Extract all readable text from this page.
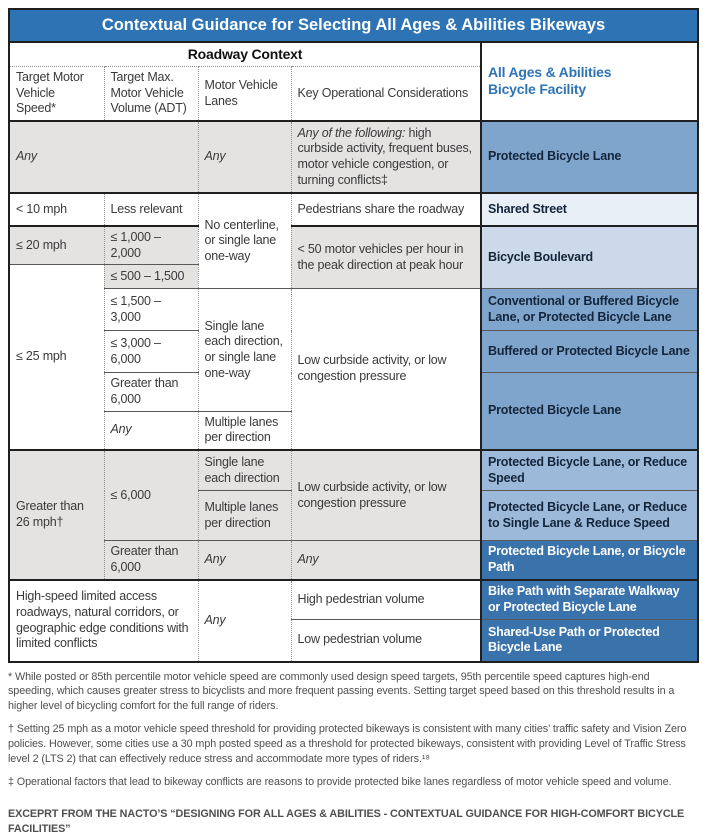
Contextual Guidance for Selecting All Ages & Abilities Bikeways				
Roadway Context				All Ages & Abilities Bicycle Facility
Target Motor Vehicle Speed*	Target Max. Motor Vehicle Volume (ADT)	Motor Vehicle Lanes	Key Operational Considerations	
Any		Any	Any of the following: high curbside activity, frequent buses, motor vehicle congestion, or turning conflicts‡	Protected Bicycle Lane
< 10 mph	Less relevant	No centerline, or single lane one-way	Pedestrians share the roadway	Shared Street
≤ 20 mph	≤ 1,000 – 2,000		< 50 motor vehicles per hour in the peak direction at peak hour	Bicycle Boulevard
≤ 25 mph	≤ 500 – 1,500			
	≤ 1,500 – 3,000	Single lane each direction, or single lane one-way	Low curbside activity, or low congestion pressure	Conventional or Buffered Bicycle Lane, or Protected Bicycle Lane
	≤ 3,000 – 6,000			Buffered or Protected Bicycle Lane
	Greater than 6,000			Protected Bicycle Lane
	Any	Multiple lanes per direction		
Greater than 26 mph†	≤ 6,000	Single lane each direction	Low curbside activity, or low congestion pressure	Protected Bicycle Lane, or Reduce Speed
		Multiple lanes per direction		Protected Bicycle Lane, or Reduce to Single Lane & Reduce Speed
	Greater than 6,000	Any	Any	Protected Bicycle Lane, or Bicycle Path
High-speed limited access roadways, natural corridors, or geographic edge conditions with limited conflicts		Any	High pedestrian volume	Bike Path with Separate Walkway or Protected Bicycle Lane
			Low pedestrian volume	Shared-Use Path or Protected Bicycle Lane

* While posted or 85th percentile motor vehicle speed are commonly used design speed targets, 95th percentile speed captures high-end speeding, which causes greater stress to bicyclists and more frequent passing events. Setting target speed based on this threshold results in a higher level of bicycling comfort for the full range of riders.

† Setting 25 mph as a motor vehicle speed threshold for providing protected bikeways is consistent with many cities’ traffic safety and Vision Zero policies. However, some cities use a 30 mph posted speed as a threshold for protected bikeways, consistent with providing Level of Traffic Stress level 2 (LTS 2) that can effectively reduce stress and accommodate more types of riders.¹⁸

‡ Operational factors that lead to bikeway conflicts are reasons to provide protected bike lanes regardless of motor vehicle speed and volume.

EXCEPRT FROM THE NACTO’S “DESIGNING FOR ALL AGES & ABILITIES - CONTEXTUAL GUIDANCE FOR HIGH-COMFORT BICYCLE FACILITIES”
